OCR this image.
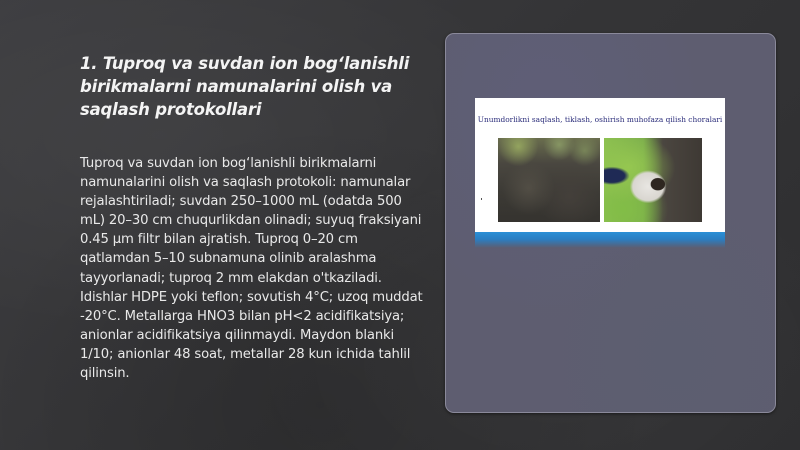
1. Tuproq va suvdan ion bog‘lanishli birikmalarni namunalarini olish va saqlash protokollari

Tuproq va suvdan ion bog‘lanishli birikmalarni namunalarini olish va saqlash protokoli: namunalar rejalashtiriladi; suvdan 250–1000 mL (odatda 500 mL) 20–30 cm chuqurlikdan olinadi; suyuq fraksiyani 0.45 µm filtr bilan ajratish. Tuproq 0–20 cm qatlamdan 5–10 subnamuna olinib aralashma tayyorlanadi; tuproq 2 mm elakdan o'tkaziladi. Idishlar HDPE yoki teflon; sovutish 4°C; uzoq muddat -20°C. Metallarga HNO3 bilan pH<2 acidifikatsiya; anionlar acidifikatsiya qilinmaydi. Maydon blanki 1/10; anionlar 48 soat, metallar 28 kun ichida tahlil qilinsin.

Unumdorlikni saqlash, tiklash, oshirish muhofaza qilish choralari
